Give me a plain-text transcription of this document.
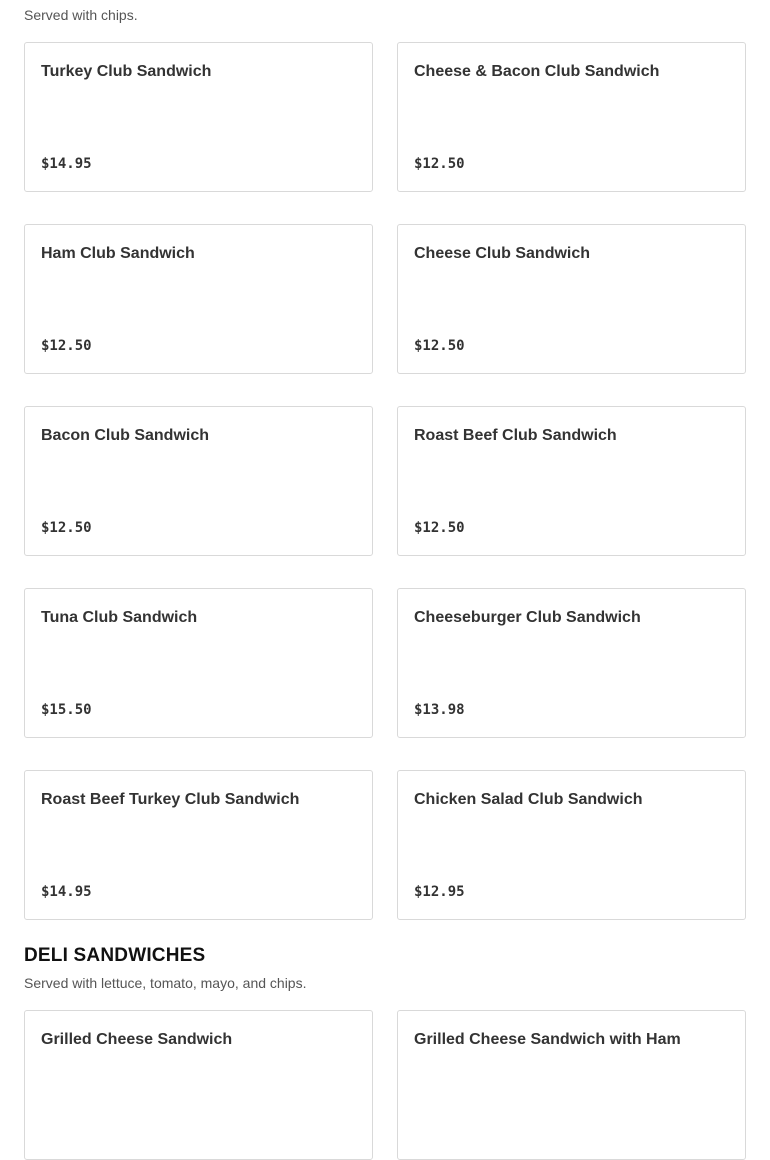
Served with chips.

Turkey Club Sandwich
$14.95
Cheese & Bacon Club Sandwich
$12.50
Ham Club Sandwich
$12.50
Cheese Club Sandwich
$12.50
Bacon Club Sandwich
$12.50
Roast Beef Club Sandwich
$12.50
Tuna Club Sandwich
$15.50
Cheeseburger Club Sandwich
$13.98
Roast Beef Turkey Club Sandwich
$14.95
Chicken Salad Club Sandwich
$12.95
DELI SANDWICHES

Served with lettuce, tomato, mayo, and chips.

Grilled Cheese Sandwich	Grilled Cheese Sandwich with Ham
